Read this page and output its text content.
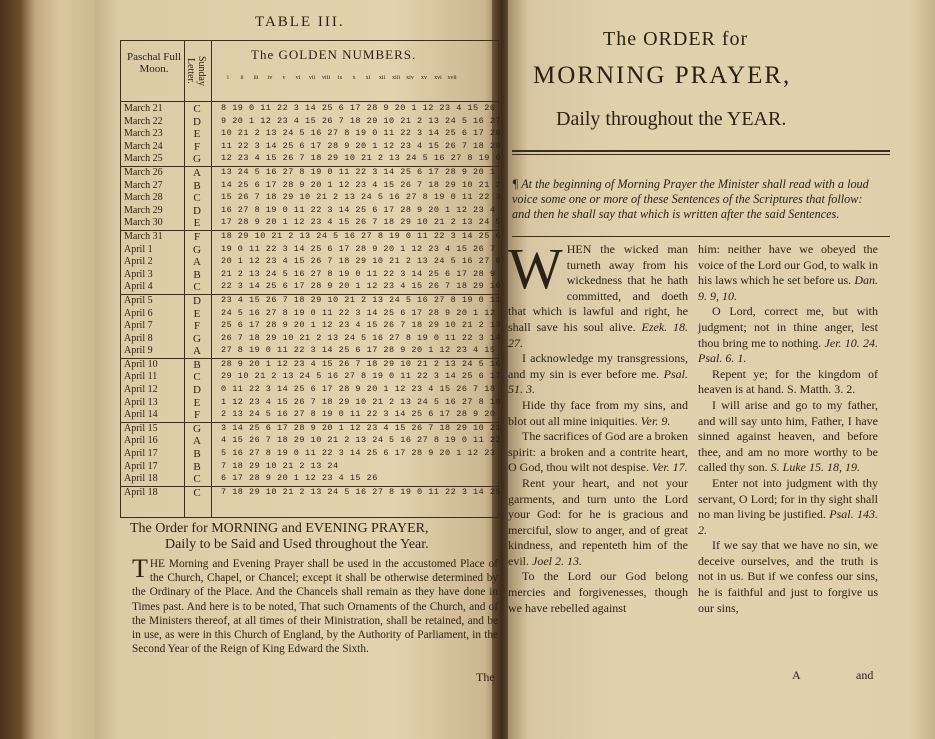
TABLE III.
Paschal Full Moon.	Sunday Letter.
The GOLDEN NUMBERS.
i	ii	iii	iv	v	vi	vii	viii	ix	x	xi	xii	xiii	xiv	xv	xvi xvii
March 21	C	8 19 0 11 22 3 14 25 6 17 28 9 20 1 12 23 4 15 26
March 22	D	9 20 1 12 23 4 15 26 7 18 29 10 21 2 13 24 5 16 27
March 23	E	10 21 2 13 24 5 16 27 8 19 0 11 22 3 14 25 6 17 28
March 24	F	11 22 3 14 25 6 17 28 9 20 1 12 23 4 15 26 7 18 29
March 25	G	12 23 4 15 26 7 18 29 10 21 2 13 24 5 16 27 8 19 0
March 26	A	13 24 5 16 27 8 19 0 11 22 3 14 25 6 17 28 9 20 1
March 27	B	14 25 6 17 28 9 20 1 12 23 4 15 26 7 18 29 10 21 2
March 28	C	15 26 7 18 29 10 21 2 13 24 5 16 27 8 19 0 11 22 3
March 29	D	16 27 8 19 0 11 22 3 14 25 6 17 28 9 20 1 12 23 4
March 30	E	17 28 9 20 1 12 23 4 15 26 7 18 29 10 21 2 13 24 5
March 31	F	18 29 10 21 2 13 24 5 16 27 8 19 0 11 22 3 14 25 6
April 1	G	19 0 11 22 3 14 25 6 17 28 9 20 1 12 23 4 15 26 7
April 2	A	20 1 12 23 4 15 26 7 18 29 10 21 2 13 24 5 16 27 8
April 3	B	21 2 13 24 5 16 27 8 19 0 11 22 3 14 25 6 17 28 9
April 4	C	22 3 14 25 6 17 28 9 20 1 12 23 4 15 26 7 18 29 10
April 5	D	23 4 15 26 7 18 29 10 21 2 13 24 5 16 27 8 19 0 11
April 6	E	24 5 16 27 8 19 0 11 22 3 14 25 6 17 28 9 20 1 12
April 7	F	25 6 17 28 9 20 1 12 23 4 15 26 7 18 29 10 21 2 13
April 8	G	26 7 18 29 10 21 2 13 24 5 16 27 8 19 0 11 22 3 14
April 9	A	27 8 19 0 11 22 3 14 25 6 17 28 9 20 1 12 23 4 15
April 10	B	28 9 20 1 12 23 4 15 26 7 18 29 10 21 2 13 24 5 16
April 11	C	29 10 21 2 13 24 5 16 27 8 19 0 11 22 3 14 25 6 17
April 12	D	0 11 22 3 14 25 6 17 28 9 20 1 12 23 4 15 26 7 18
April 13	E	1 12 23 4 15 26 7 18 29 10 21 2 13 24 5 16 27 8 19
April 14	F	2 13 24 5 16 27 8 19 0 11 22 3 14 25 6 17 28 9 20
April 15	G	3 14 25 6 17 28 9 20 1 12 23 4 15 26 7 18 29 10 21
April 16	A	4 15 26 7 18 29 10 21 2 13 24 5 16 27 8 19 0 11 22
April 17	B	5 16 27 8 19 0 11 22 3 14 25 6 17 28 9 20 1 12 23
April 17	B	7 18 29 10 21 2 13 24
April 18	C	6 17 28 9 20 1 12 23 4 15 26
April 18	C	7 18 29 10 21 2 13 24 5 16 27 8 19 0 11 22 3 14 25
The Order for MORNING and EVENING PRAYER,
Daily to be Said and Used throughout the Year.
THE Morning and Evening Prayer shall be used in the accustomed Place of the Church, Chapel, or Chancel; except it shall be otherwise determined by the Ordinary of the Place. And the Chancels shall remain as they have done in Times past. And here is to be noted, That such Ornaments of the Church, and of the Ministers thereof, at all times of their Ministration, shall be retained, and be in use, as were in this Church of England, by the Authority of Parliament, in the Second Year of the Reign of King Edward the Sixth.
The
The ORDER for
MORNING PRAYER,
Daily throughout the YEAR.
¶ At the beginning of Morning Prayer the Minister shall read with a loud voice some one or more of these Sentences of the Scriptures that follow: and then he shall say that which is written after the said Sentences.

WHEN the wicked man turneth away from his wickedness that he hath committed, and doeth that which is lawful and right, he shall save his soul alive. Ezek. 18. 27.

I acknowledge my transgressions, and my sin is ever before me. Psal. 51. 3.

Hide thy face from my sins, and blot out all mine iniquities. Ver. 9.

The sacrifices of God are a broken spirit: a broken and a contrite heart, O God, thou wilt not despise. Ver. 17.

Rent your heart, and not your garments, and turn unto the Lord your God: for he is gracious and merciful, slow to anger, and of great kindness, and repenteth him of the evil. Joel 2. 13.

To the Lord our God belong mercies and forgivenesses, though we have rebelled against

him: neither have we obeyed the voice of the Lord our God, to walk in his laws which he set before us. Dan. 9. 9, 10.

O Lord, correct me, but with judgment; not in thine anger, lest thou bring me to nothing. Jer. 10. 24. Psal. 6. 1.

Repent ye; for the kingdom of heaven is at hand. S. Matth. 3. 2.

I will arise and go to my father, and will say unto him, Father, I have sinned against heaven, and before thee, and am no more worthy to be called thy son. S. Luke 15. 18, 19.

Enter not into judgment with thy servant, O Lord; for in thy sight shall no man living be justified. Psal. 143. 2.

If we say that we have no sin, we deceive ourselves, and the truth is not in us. But if we confess our sins, he is faithful and just to forgive us our sins,

A	and
